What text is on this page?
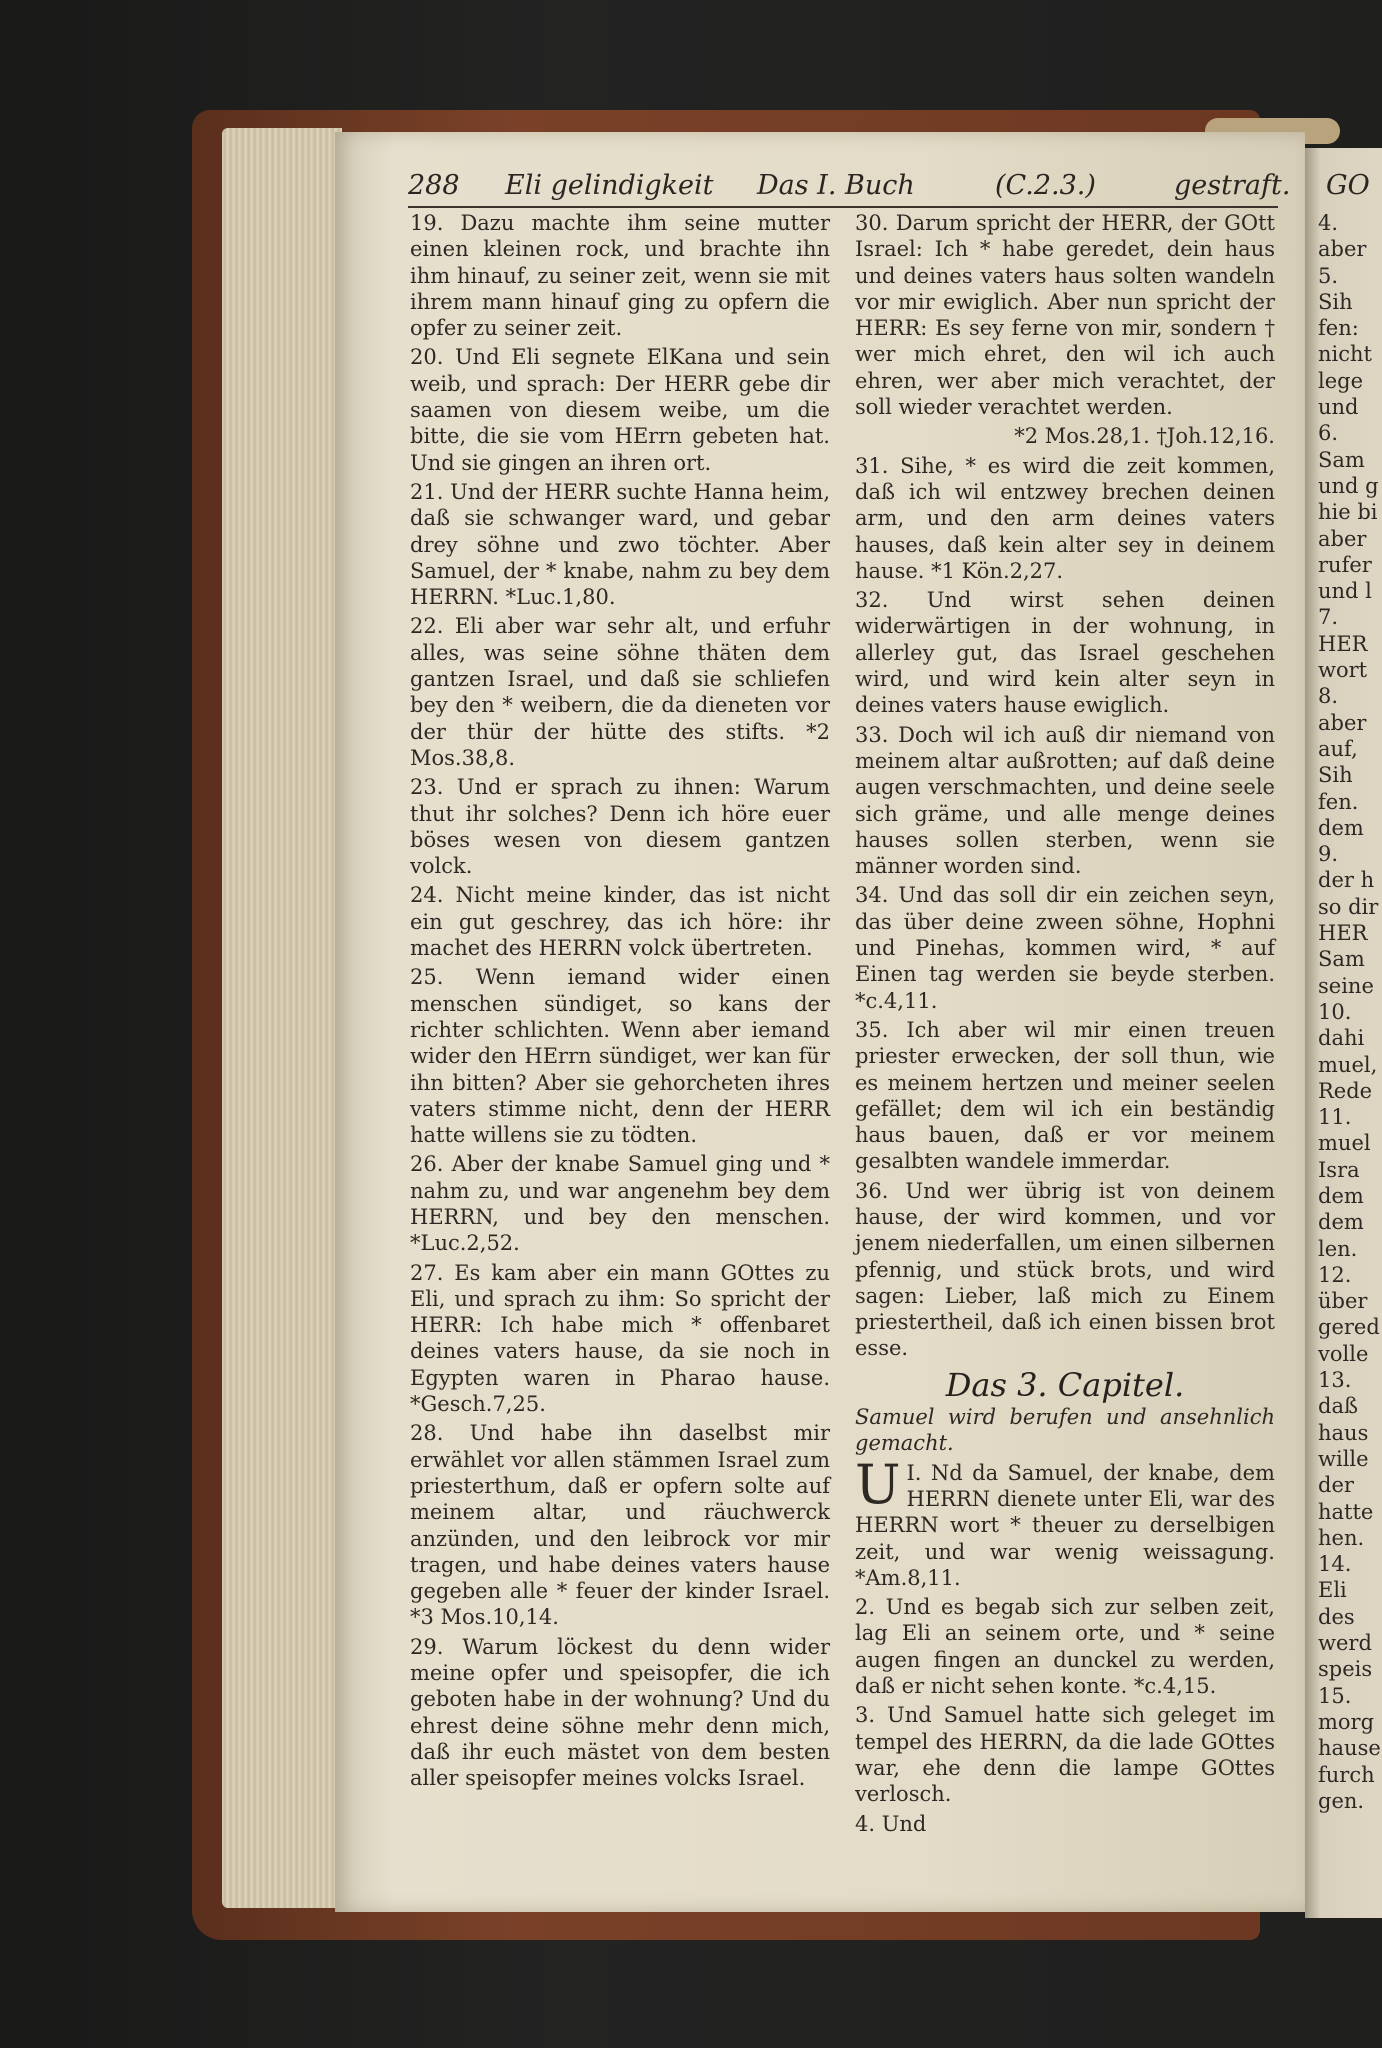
288 Eli gelindigkeit Das I. Buch	(C.2.3.)	gestraft. GO

19. Dazu machte ihm seine mutter einen kleinen rock, und brachte ihn ihm hinauf, zu seiner zeit, wenn sie mit ihrem mann hinauf ging zu opfern die opfer zu seiner zeit.

20. Und Eli segnete ElKana und sein weib, und sprach: Der HERR gebe dir saamen von diesem weibe, um die bitte, die sie vom HErrn gebeten hat. Und sie gingen an ihren ort.

21. Und der HERR suchte Hanna heim, daß sie schwanger ward, und gebar drey söhne und zwo töchter. Aber Samuel, der * knabe, nahm zu bey dem HERRN. *Luc.1,80.

22. Eli aber war sehr alt, und erfuhr alles, was seine söhne thäten dem gantzen Israel, und daß sie schliefen bey den * weibern, die da dieneten vor der thür der hütte des stifts. *2 Mos.38,8.

23. Und er sprach zu ihnen: Warum thut ihr solches? Denn ich höre euer böses wesen von diesem gantzen volck.

24. Nicht meine kinder, das ist nicht ein gut geschrey, das ich höre: ihr machet des HERRN volck übertreten.

25. Wenn iemand wider einen menschen sündiget, so kans der richter schlichten. Wenn aber iemand wider den HErrn sündiget, wer kan für ihn bitten? Aber sie gehorcheten ihres vaters stimme nicht, denn der HERR hatte willens sie zu tödten.

26. Aber der knabe Samuel ging und * nahm zu, und war angenehm bey dem HERRN, und bey den menschen. *Luc.2,52.

27. Es kam aber ein mann GOttes zu Eli, und sprach zu ihm: So spricht der HERR: Ich habe mich * offenbaret deines vaters hause, da sie noch in Egypten waren in Pharao hause. *Gesch.7,25.

28. Und habe ihn daselbst mir erwählet vor allen stämmen Israel zum priesterthum, daß er opfern solte auf meinem altar, und räuchwerck anzünden, und den leibrock vor mir tragen, und habe deines vaters hause gegeben alle * feuer der kinder Israel. *3 Mos.10,14.

29. Warum löckest du denn wider meine opfer und speisopfer, die ich geboten habe in der wohnung? Und du ehrest deine söhne mehr denn mich, daß ihr euch mästet von dem besten aller speisopfer meines volcks Israel.

30. Darum spricht der HERR, der GOtt Israel: Ich * habe geredet, dein haus und deines vaters haus solten wandeln vor mir ewiglich. Aber nun spricht der HERR: Es sey ferne von mir, sondern † wer mich ehret, den wil ich auch ehren, wer aber mich verachtet, der soll wieder verachtet werden.

*2 Mos.28,1. †Joh.12,16.

31. Sihe, * es wird die zeit kommen, daß ich wil entzwey brechen deinen arm, und den arm deines vaters hauses, daß kein alter sey in deinem hause. *1 Kön.2,27.

32. Und wirst sehen deinen widerwärtigen in der wohnung, in allerley gut, das Israel geschehen wird, und wird kein alter seyn in deines vaters hause ewiglich.

33. Doch wil ich auß dir niemand von meinem altar außrotten; auf daß deine augen verschmachten, und deine seele sich gräme, und alle menge deines hauses sollen sterben, wenn sie männer worden sind.

34. Und das soll dir ein zeichen seyn, das über deine zween söhne, Hophni und Pinehas, kommen wird, * auf Einen tag werden sie beyde sterben. *c.4,11.

35. Ich aber wil mir einen treuen priester erwecken, der soll thun, wie es meinem hertzen und meiner seelen gefället; dem wil ich ein beständig haus bauen, daß er vor meinem gesalbten wandele immerdar.

36. Und wer übrig ist von deinem hause, der wird kommen, und vor jenem niederfallen, um einen silbernen pfennig, und stück brots, und wird sagen: Lieber, laß mich zu Einem priestertheil, daß ich einen bissen brot esse.

Das 3. Capitel.

Samuel wird berufen und ansehnlich gemacht.

I.
U Nd da Samuel, der knabe, dem HERRN dienete unter Eli, war des HERRN wort * theuer zu derselbigen zeit, und war wenig weissagung. *Am.8,11.

2. Und es begab sich zur selben zeit, lag Eli an seinem orte, und * seine augen fingen an dunckel zu werden, daß er nicht sehen konte. *c.4,15.

3. Und Samuel hatte sich geleget im tempel des HERRN, da die lade GOttes war, ehe denn die lampe GOttes verlosch.

4. Und

4.
aber
5.
Sih
fen:
nicht
lege
und
6.
Sam
und g
hie bi
aber
rufer
und l
7.
HER
wort
8.
aber
auf,
Sih
fen.
dem
9.
der h
so dir
HER
Sam
seine
10.
dahi
muel,
Rede
11.
muel
Isra
dem
dem
len.
12.
über
gered
volle
13.
daß
haus
wille
der
hatte
hen.
14.
Eli
des
werd
speis
15.
morg
hause
furch
gen.
